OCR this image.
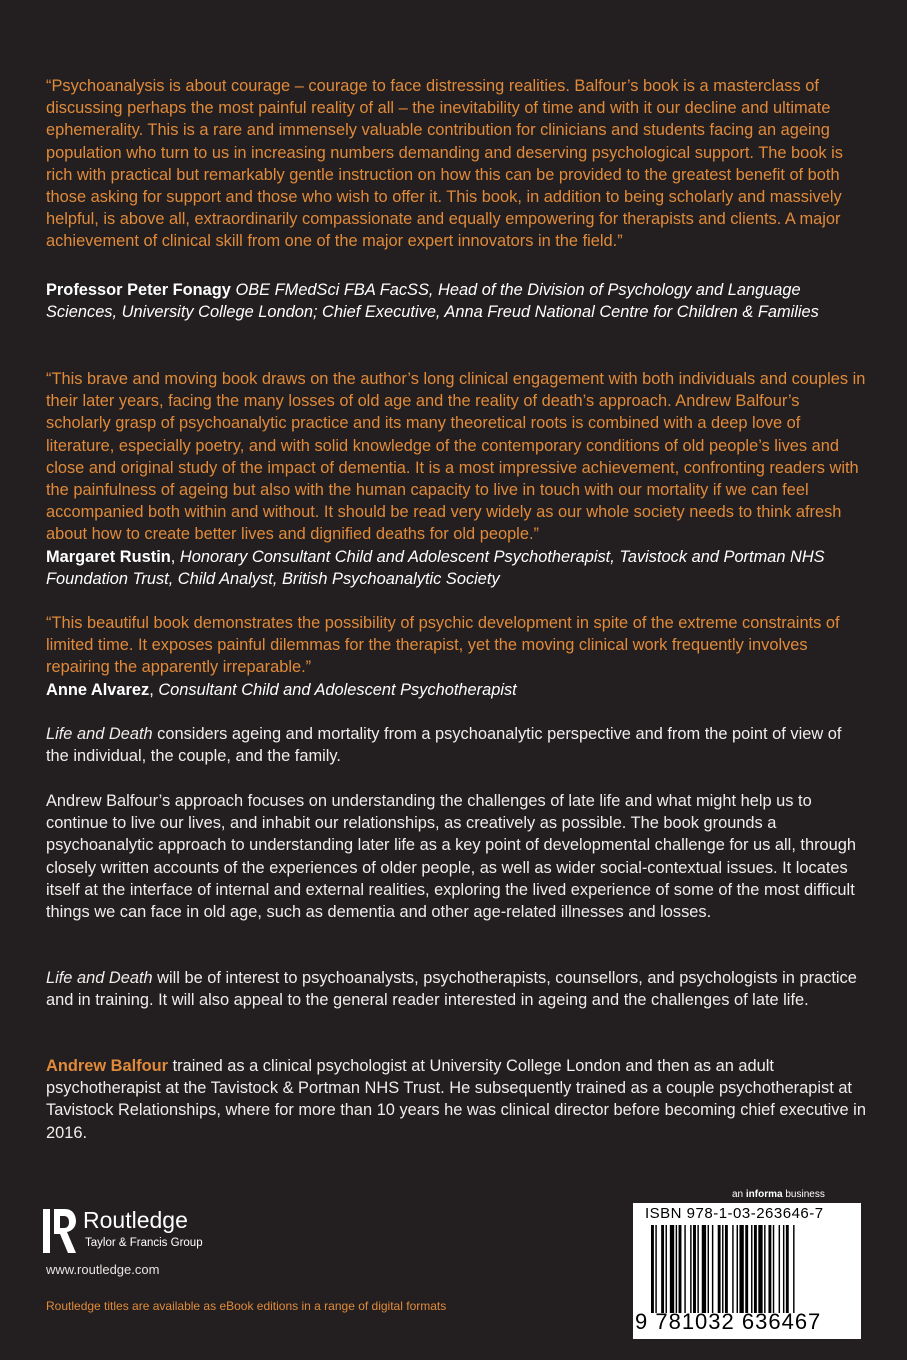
“Psychoanalysis is about courage – courage to face distressing realities. Balfour’s book is a masterclass of discussing perhaps the most painful reality of all – the inevitability of time and with it our decline and ultimate ephemerality. This is a rare and immensely valuable contribution for clinicians and students facing an ageing population who turn to us in increasing numbers demanding and deserving psychological support. The book is rich with practical but remarkably gentle instruction on how this can be provided to the greatest benefit of both those asking for support and those who wish to offer it. This book, in addition to being scholarly and massively helpful, is above all, extraordinarily compassionate and equally empowering for therapists and clients. A major achievement of clinical skill from one of the major expert innovators in the field.”

Professor Peter Fonagy OBE FMedSci FBA FacSS, Head of the Division of Psychology and Language Sciences, University College London; Chief Executive, Anna Freud National Centre for Children & Families

“This brave and moving book draws on the author’s long clinical engagement with both individuals and couples in their later years, facing the many losses of old age and the reality of death’s approach. Andrew Balfour’s scholarly grasp of psychoanalytic practice and its many theoretical roots is combined with a deep love of literature, especially poetry, and with solid knowledge of the contemporary conditions of old people’s lives and close and original study of the impact of dementia. It is a most impressive achievement, confronting readers with the painfulness of ageing but also with the human capacity to live in touch with our mortality if we can feel accompanied both within and without. It should be read very widely as our whole society needs to think afresh about how to create better lives and dignified deaths for old people.”

Margaret Rustin, Honorary Consultant Child and Adolescent Psychotherapist, Tavistock and Portman NHS Foundation Trust, Child Analyst, British Psychoanalytic Society

“This beautiful book demonstrates the possibility of psychic development in spite of the extreme constraints of limited time. It exposes painful dilemmas for the therapist, yet the moving clinical work frequently involves repairing the apparently irreparable.”

Anne Alvarez, Consultant Child and Adolescent Psychotherapist

Life and Death considers ageing and mortality from a psychoanalytic perspective and from the point of view of the individual, the couple, and the family.

Andrew Balfour’s approach focuses on understanding the challenges of late life and what might help us to continue to live our lives, and inhabit our relationships, as creatively as possible. The book grounds a psychoanalytic approach to understanding later life as a key point of developmental challenge for us all, through closely written accounts of the experiences of older people, as well as wider social-contextual issues. It locates itself at the interface of internal and external realities, exploring the lived experience of some of the most difficult things we can face in old age, such as dementia and other age-related illnesses and losses.

Life and Death will be of interest to psychoanalysts, psychotherapists, counsellors, and psychologists in practice and in training. It will also appeal to the general reader interested in ageing and the challenges of late life.

Andrew Balfour trained as a clinical psychologist at University College London and then as an adult psychotherapist at the Tavistock & Portman NHS Trust. He subsequently trained as a couple psychotherapist at Tavistock Relationships, where for more than 10 years he was clinical director before becoming chief executive in 2016.

Routledge
Taylor & Francis Group
www.routledge.com
Routledge titles are available as eBook editions in a range of digital formats
an informa business
ISBN 978-1-03-263646-7
9 781032 636467
